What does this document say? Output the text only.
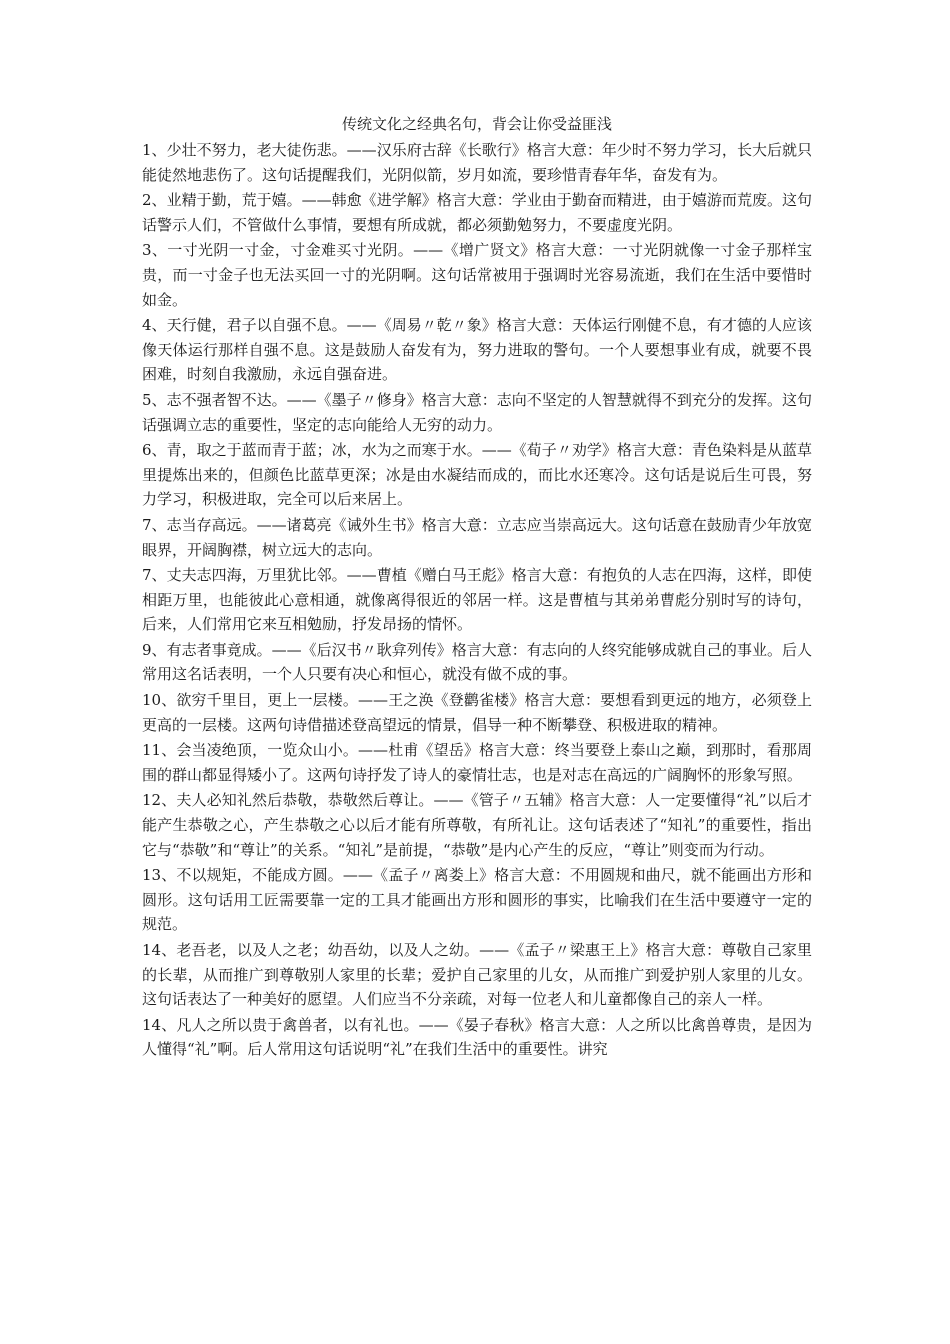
传统文化之经典名句，背会让你受益匪浅

1、少壮不努力，老大徒伤悲。——汉乐府古辞《长歌行》格言大意：年少时不努力学习，长大后就只能徒然地悲伤了。这句话提醒我们，光阴似箭，岁月如流，要珍惜青春年华，奋发有为。

2、业精于勤，荒于嬉。——韩愈《进学解》格言大意：学业由于勤奋而精进，由于嬉游而荒废。这句话警示人们，不管做什么事情，要想有所成就，都必须勤勉努力，不要虚度光阴。

3、一寸光阴一寸金，寸金难买寸光阴。——《增广贤文》格言大意：一寸光阴就像一寸金子那样宝贵，而一寸金子也无法买回一寸的光阴啊。这句话常被用于强调时光容易流逝，我们在生活中要惜时如金。

4、天行健，君子以自强不息。——《周易〃乾〃象》格言大意：天体运行刚健不息，有才德的人应该像天体运行那样自强不息。这是鼓励人奋发有为，努力进取的警句。一个人要想事业有成，就要不畏困难，时刻自我激励，永远自强奋进。

5、志不强者智不达。——《墨子〃修身》格言大意：志向不坚定的人智慧就得不到充分的发挥。这句话强调立志的重要性，坚定的志向能给人无穷的动力。

6、青，取之于蓝而青于蓝；冰，水为之而寒于水。——《荀子〃劝学》格言大意：青色染料是从蓝草里提炼出来的，但颜色比蓝草更深；冰是由水凝结而成的，而比水还寒冷。这句话是说后生可畏，努力学习，积极进取，完全可以后来居上。

7、志当存高远。——诸葛亮《诫外生书》格言大意：立志应当崇高远大。这句话意在鼓励青少年放宽眼界，开阔胸襟，树立远大的志向。

7、丈夫志四海，万里犹比邻。——曹植《赠白马王彪》格言大意：有抱负的人志在四海，这样，即使相距万里，也能彼此心意相通，就像离得很近的邻居一样。这是曹植与其弟弟曹彪分别时写的诗句，后来，人们常用它来互相勉励，抒发昂扬的情怀。

9、有志者事竟成。——《后汉书〃耿弇列传》格言大意：有志向的人终究能够成就自己的事业。后人常用这名话表明，一个人只要有决心和恒心，就没有做不成的事。

10、欲穷千里目，更上一层楼。——王之涣《登鹳雀楼》格言大意：要想看到更远的地方，必须登上更高的一层楼。这两句诗借描述登高望远的情景，倡导一种不断攀登、积极进取的精神。

11、会当凌绝顶，一览众山小。——杜甫《望岳》格言大意：终当要登上泰山之巅，到那时，看那周围的群山都显得矮小了。这两句诗抒发了诗人的豪情壮志，也是对志在高远的广阔胸怀的形象写照。

12、夫人必知礼然后恭敬，恭敬然后尊让。——《管子〃五辅》格言大意：人一定要懂得“礼”以后才能产生恭敬之心，产生恭敬之心以后才能有所尊敬，有所礼让。这句话表述了“知礼”的重要性，指出它与“恭敬”和“尊让”的关系。“知礼”是前提，“恭敬”是内心产生的反应，“尊让”则变而为行动。

13、不以规矩，不能成方圆。——《孟子〃离娄上》格言大意：不用圆规和曲尺，就不能画出方形和圆形。这句话用工匠需要靠一定的工具才能画出方形和圆形的事实，比喻我们在生活中要遵守一定的规范。

14、老吾老，以及人之老；幼吾幼，以及人之幼。——《孟子〃梁惠王上》格言大意：尊敬自己家里的长辈，从而推广到尊敬别人家里的长辈；爱护自己家里的儿女，从而推广到爱护别人家里的儿女。这句话表达了一种美好的愿望。人们应当不分亲疏，对每一位老人和儿童都像自己的亲人一样。

14、凡人之所以贵于禽兽者，以有礼也。——《晏子春秋》格言大意：人之所以比禽兽尊贵，是因为人懂得“礼”啊。后人常用这句话说明“礼”在我们生活中的重要性。讲究
